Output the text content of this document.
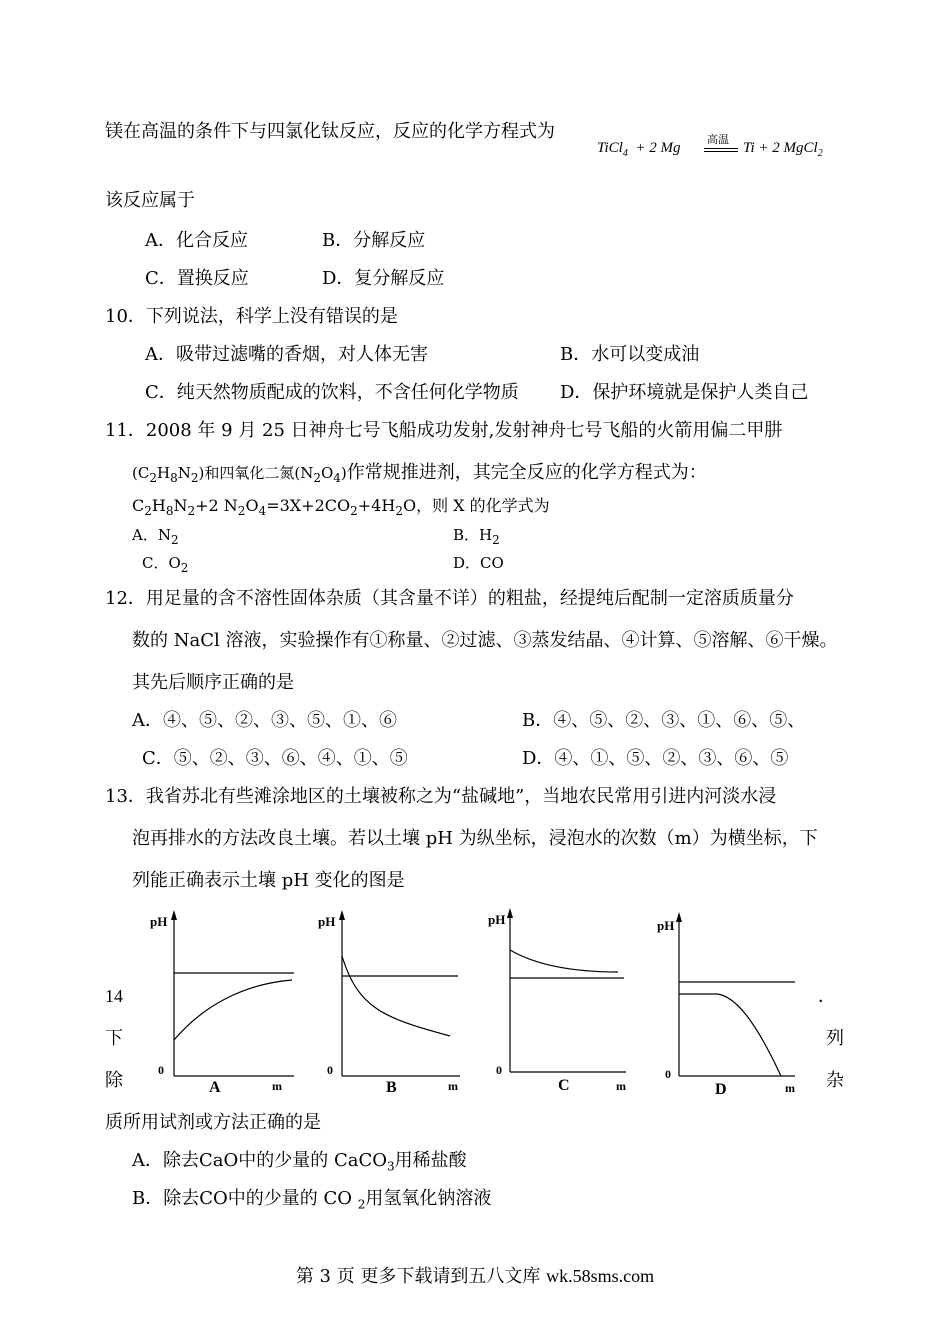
镁在高温的条件下与四氯化钛反应，反应的化学方程式为
TiCl$_4$  + 2 Mg
高温
Ti + 2 MgCl$_2$
该反应属于
A．化合反应	B．分解反应
C．置换反应	D．复分解反应
10．下列说法，科学上没有错误的是
A．吸带过滤嘴的香烟，对人体无害	B．水可以变成油
C．纯天然物质配成的饮料，不含任何化学物质 D．保护环境就是保护人类自己
11．2008 年 9 月 25 日神舟七号飞船成功发射,发射神舟七号飞船的火箭用偏二甲肼
$(C_2H_8N_2)$和四氧化二氮$(N_2O_4)$作常规推进剂，其完全反应的化学方程式为：
$C_2H_8N_2+2$ $N_2O_4=3X+2CO_2+4H_2O$，则 X 的化学式为
A．$N_2$	B．$H_2$
C．$O_2$	D．CO
12．用足量的含不溶性固体杂质（其含量不详）的粗盐，经提纯后配制一定溶质质量分
数的 NaCl 溶液，实验操作有①称量、②过滤、③蒸发结晶、④计算、⑤溶解、⑥干燥。
其先后顺序正确的是
A．④、⑤、②、③、⑤、①、⑥	B．④、⑤、②、③、①、⑥、⑤、
C．⑤、②、③、⑥、④、①、⑤	D．④、①、⑤、②、③、⑥、⑤
13．我省苏北有些滩涂地区的土壤被称之为“盐碱地”，当地农民常用引进内河淡水浸
泡再排水的方法改良土壤。若以土壤 pH 为纵坐标，浸泡水的次数（m）为横坐标，下
列能正确表示土壤 pH 变化的图是
pH
0
m
A
pH
0
m
B
pH
0
m
C
pH
0
m
D
14	．
下	列
除	杂
质所用试剂或方法正确的是
A．除去CaO中的少量的 CaCO$_3$用稀盐酸
B．除去CO中的少量的 CO $_2$用氢氧化钠溶液
第 3 页 更多下载请到五八文库 wk.58sms.com
